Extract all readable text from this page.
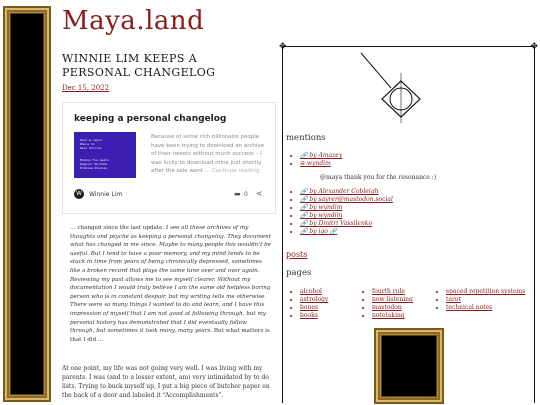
Maya.land
WINNIE LIM KEEPS A PERSONAL CHANGELOG
Dec 15, 2022
keeping a personal changelog
Dark & capsd
Where to
Real Stories
Monday-Tue meets
Regular Rhythms
Problem Studies
Because of some rich billionaire people have been trying to download an archive of their tweets without much success – I was lucky to download mine just shortly after the sale went … Continue reading
W	Winnie Lim	▬ 0 <
… changed since the last update. I see all these archives of my thoughts and psyche as keeping a personal changelog. They document what has changed in me since. Maybe to many people this wouldn’t be useful. But I tend to have a poor memory, and my mind tends to be stuck in time from years of being chronically depressed, sometimes like a broken record that plays the same tune over and over again. Reviewing my past allows me to see myself clearer. Without my documentation I would truly believe I am the same old helpless boring person who is in constant despair, but my writing tells me otherwise. There were so many things I wanted to do and learn, and I have this impression of myself that I am not good at following through, but my personal history has demonstrated that I did eventually follow through, but sometimes it took many, many years. But what matters is that I did …
At one point, my life was not going very well. I was living with my parents. I was (and to a lesser extent, am) very intimidated by to do lists. Trying to buck myself up, I put a big piece of butcher paper on the back of a door and labeled it “Accomplishments”.
✥	✥
mentions
• 🔗 by Amazey
• ⊖ wyndim
@maya thank you for the resonance :)
• 🔗 by Alexander Cobleigh
• 🔗 by sayrer@mastodon.social
• 🔗 by wyndim
• 🔗 by wyndim
• 🔗 by Dmitri Vassilenko
• 🔗 by igo 🔗
posts
pages
• alcohol
• astrology
• bones
• books
• fourth rule
• now listening
• mastodon
• notetaking
• spaced repetition systems
• tarot
• technical notes
